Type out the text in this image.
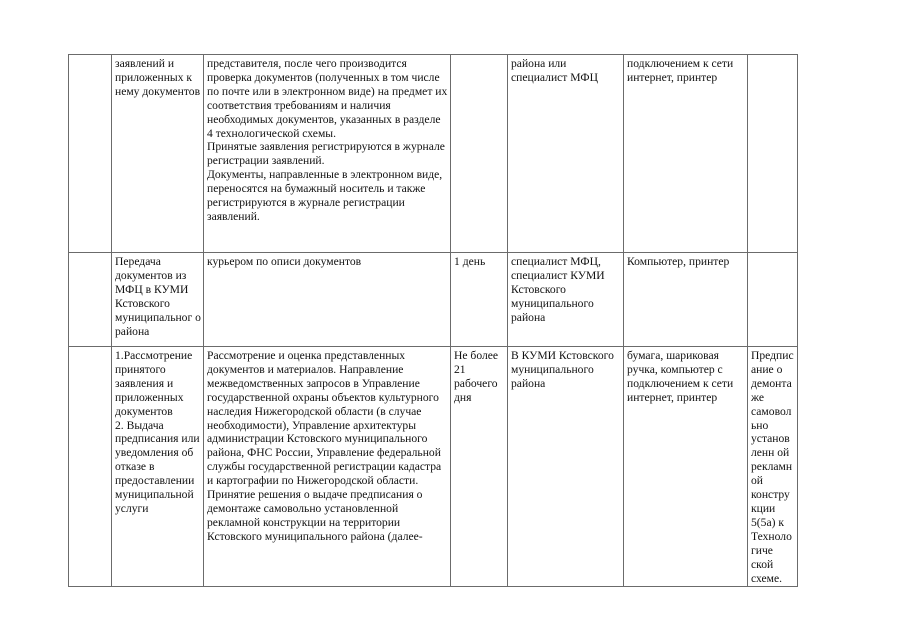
	заявлений и приложенных к нему документов	представителя, после чего производится проверка документов (полученных в том числе по почте или в электронном виде) на предмет их соответствия требованиям и наличия необходимых документов, указанных в разделе 4 технологической схемы.
Принятые заявления регистрируются в журнале регистрации заявлений.
Документы, направленные в электронном виде, переносятся на бумажный носитель и также регистрируются в журнале регистрации заявлений.		района или специалист МФЦ	подключением к сети интернет, принтер	

	Передача документов из МФЦ в КУМИ Кстовского муниципальног о района	курьером по описи документов	1 день	специалист МФЦ, специалист КУМИ Кстовского муниципального района	Компьютер, принтер	

	1.Рассмотрение принятого заявления и приложенных документов
2. Выдача предписания или уведомления об отказе в предоставлении муниципальной услуги	Рассмотрение и оценка представленных документов и материалов. Направление межведомственных запросов в Управление государственной охраны объектов культурного наследия Нижегородской области (в случае необходимости), Управление архитектуры администрации Кстовского муниципального района, ФНС России, Управление федеральной службы государственной регистрации кадастра и картографии по Нижегородской области.
Принятие решения о выдаче предписания о демонтаже самовольно установленной рекламной конструкции на территории Кстовского муниципального района (далее-	Не более 21 рабочего дня	В КУМИ Кстовского муниципального района	бумага, шариковая ручка, компьютер с подключением к сети интернет, принтер	Предписание о демонтаже самовольно установленн ой рекламной конструкции 5(5а) к Технологиче ской схеме.
